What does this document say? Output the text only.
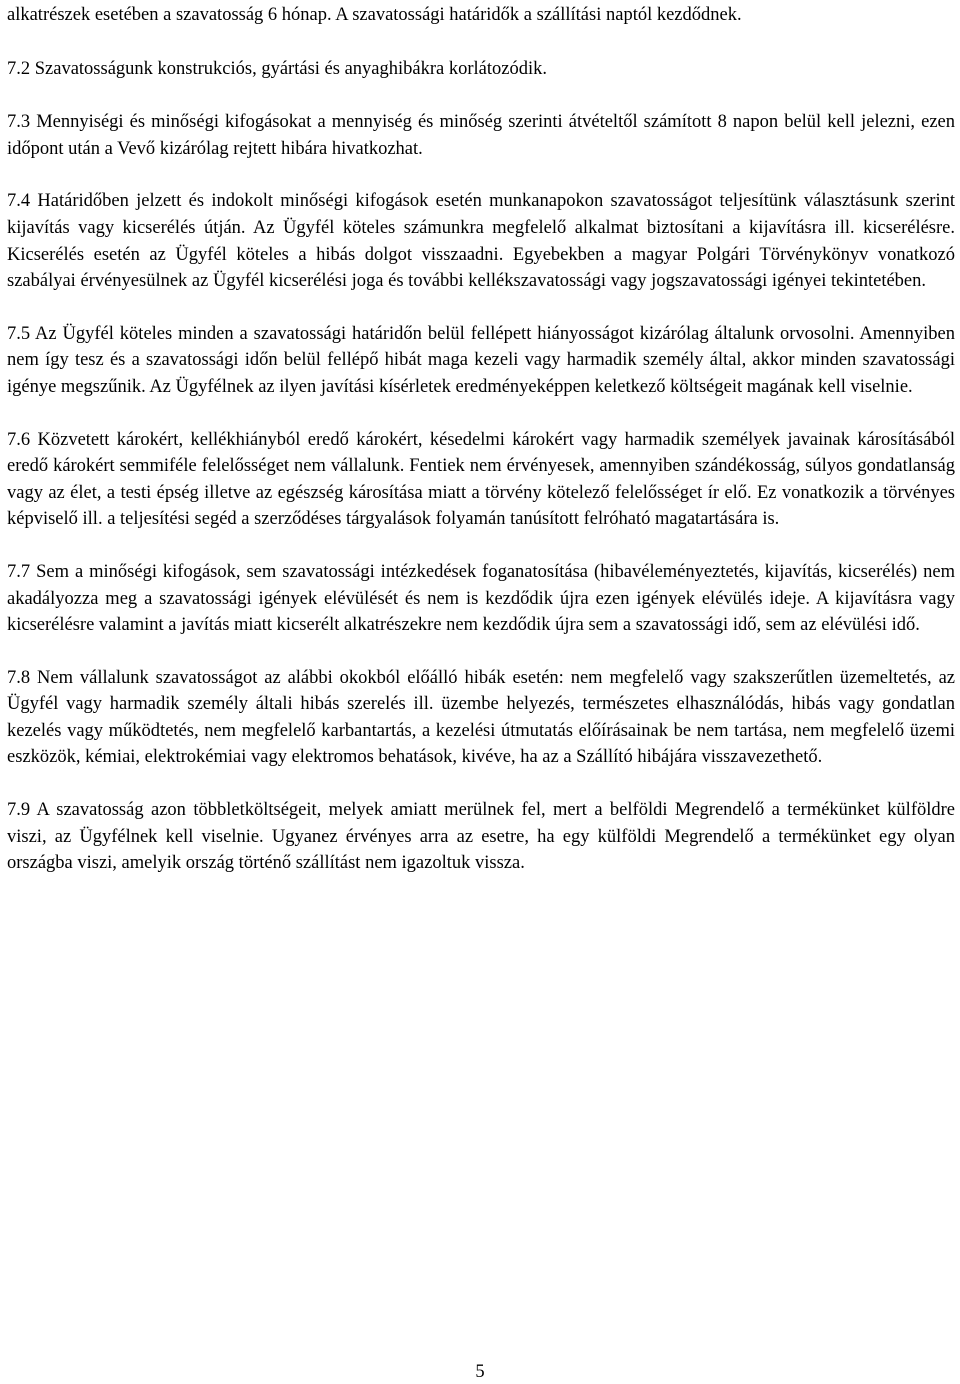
alkatrészek esetében a szavatosság 6 hónap. A szavatossági határidők a szállítási naptól kezdődnek.

7.2 Szavatosságunk konstrukciós, gyártási és anyaghibákra korlátozódik.

7.3 Mennyiségi és minőségi kifogásokat a mennyiség és minőség szerinti átvételtől számított 8 napon belül kell jelezni, ezen időpont után a Vevő kizárólag rejtett hibára hivatkozhat.

7.4 Határidőben jelzett és indokolt minőségi kifogások esetén munkanapokon szavatosságot teljesítünk választásunk szerint kijavítás vagy kicserélés útján. Az Ügyfél köteles számunkra megfelelő alkalmat biztosítani a kijavításra ill. kicserélésre. Kicserélés esetén az Ügyfél köteles a hibás dolgot visszaadni. Egyebekben a magyar Polgári Törvénykönyv vonatkozó szabályai érvényesülnek az Ügyfél kicserélési joga és további kellékszavatossági vagy jogszavatossági igényei tekintetében.

7.5 Az Ügyfél köteles minden a szavatossági határidőn belül fellépett hiányosságot kizárólag általunk orvosolni. Amennyiben nem így tesz és a szavatossági időn belül fellépő hibát maga kezeli vagy harmadik személy által, akkor minden szavatossági igénye megszűnik. Az Ügyfélnek az ilyen javítási kísérletek eredményeképpen keletkező költségeit magának kell viselnie.

7.6 Közvetett károkért, kellékhiányból eredő károkért, késedelmi károkért vagy harmadik személyek javainak károsításából eredő károkért semmiféle felelősséget nem vállalunk. Fentiek nem érvényesek, amennyiben szándékosság, súlyos gondatlanság vagy az élet, a testi épség illetve az egészség károsítása miatt a törvény kötelező felelősséget ír elő. Ez vonatkozik a törvényes képviselő ill. a teljesítési segéd a szerződéses tárgyalások folyamán tanúsított felróható magatartására is.

7.7 Sem a minőségi kifogások, sem szavatossági intézkedések foganatosítása (hibavéleményeztetés, kijavítás, kicserélés) nem akadályozza meg a szavatossági igények elévülését és nem is kezdődik újra ezen igények elévülés ideje. A kijavításra vagy kicserélésre valamint a javítás miatt kicserélt alkatrészekre nem kezdődik újra sem a szavatossági idő, sem az elévülési idő.

7.8 Nem vállalunk szavatosságot az alábbi okokból előálló hibák esetén: nem megfelelő vagy szakszerűtlen üzemeltetés, az Ügyfél vagy harmadik személy általi hibás szerelés ill. üzembe helyezés, természetes elhasználódás, hibás vagy gondatlan kezelés vagy működtetés, nem megfelelő karbantartás, a kezelési útmutatás előírásainak be nem tartása, nem megfelelő üzemi eszközök, kémiai, elektrokémiai vagy elektromos behatások, kivéve, ha az a Szállító hibájára visszavezethető.

7.9 A szavatosság azon többletköltségeit, melyek amiatt merülnek fel, mert a belföldi Megrendelő a termékünket külföldre viszi, az Ügyfélnek kell viselnie. Ugyanez érvényes arra az esetre, ha egy külföldi Megrendelő a termékünket egy olyan országba viszi, amelyik ország történő szállítást nem igazoltuk vissza.

5
